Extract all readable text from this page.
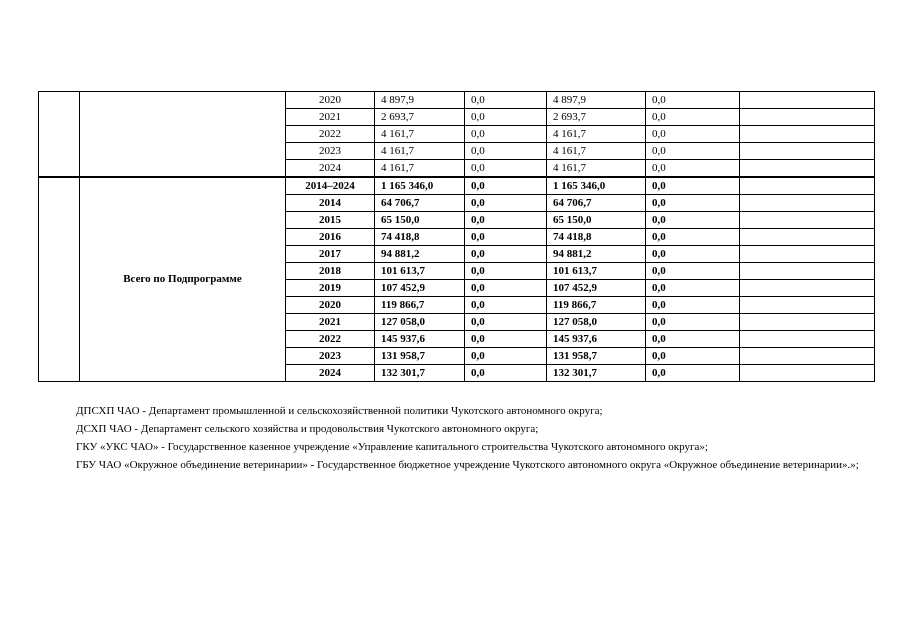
		2020	4 897,9	0,0	4 897,9	0,0	
		2021	2 693,7	0,0	2 693,7	0,0	
		2022	4 161,7	0,0	4 161,7	0,0	
		2023	4 161,7	0,0	4 161,7	0,0	
		2024	4 161,7	0,0	4 161,7	0,0	
	Всего по Подпрограмме	2014–2024	1 165 346,0	0,0	1 165 346,0	0,0	
		2014	64 706,7	0,0	64 706,7	0,0	
		2015	65 150,0	0,0	65 150,0	0,0	
		2016	74 418,8	0,0	74 418,8	0,0	
		2017	94 881,2	0,0	94 881,2	0,0	
		2018	101 613,7	0,0	101 613,7	0,0	
		2019	107 452,9	0,0	107 452,9	0,0	
		2020	119 866,7	0,0	119 866,7	0,0	
		2021	127 058,0	0,0	127 058,0	0,0	
		2022	145 937,6	0,0	145 937,6	0,0	
		2023	131 958,7	0,0	131 958,7	0,0	
		2024	132 301,7	0,0	132 301,7	0,0	

ДПСХП ЧАО - Департамент промышленной и сельскохозяйственной политики Чукотского автономного округа;

ДСХП ЧАО - Департамент сельского хозяйства и продовольствия Чукотского автономного округа;

ГКУ «УКС ЧАО» - Государственное казенное учреждение «Управление капитального строительства Чукотского автономного округа»;

ГБУ ЧАО «Окружное объединение ветеринарии» - Государственное бюджетное учреждение Чукотского автономного округа «Окружное объединение ветеринарии».»;
